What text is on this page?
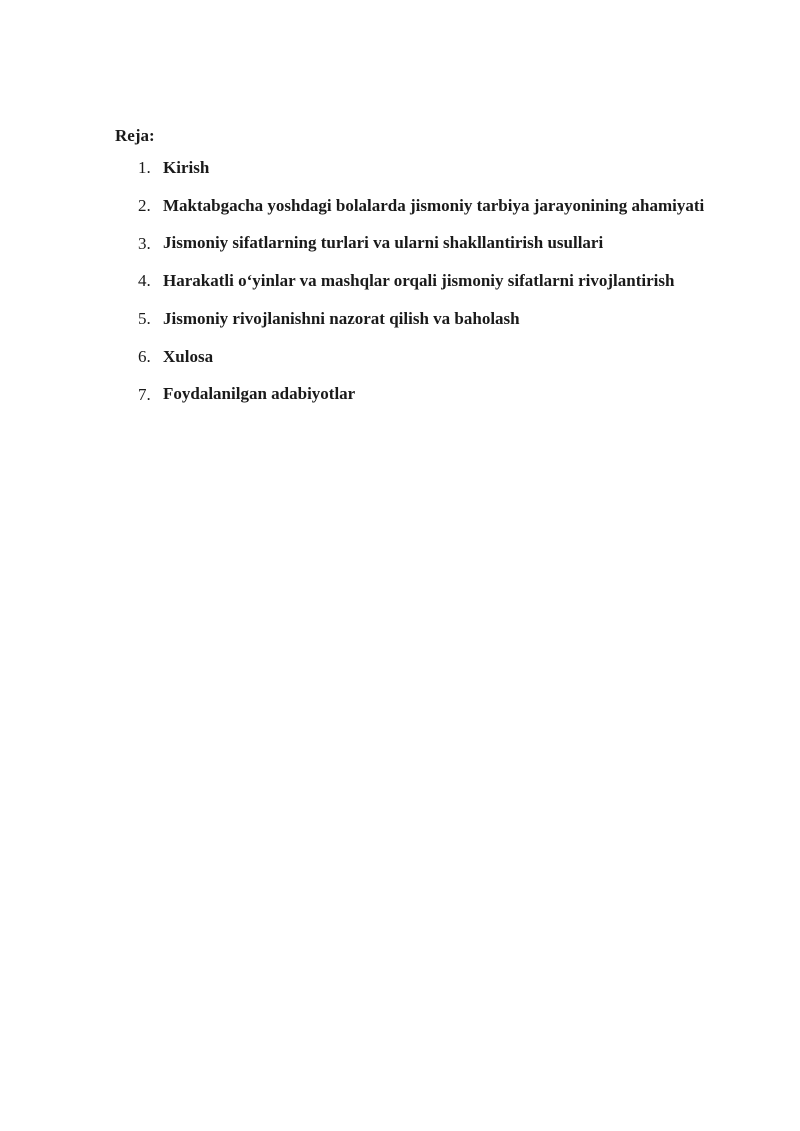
Reja:

1. Kirish
2. Maktabgacha yoshdagi bolalarda jismoniy tarbiya jarayonining ahamiyati
3. Jismoniy sifatlarning turlari va ularni shakllantirish usullari
4. Harakatli o‘yinlar va mashqlar orqali jismoniy sifatlarni rivojlantirish
5. Jismoniy rivojlanishni nazorat qilish va baholash
6. Xulosa
7. Foydalanilgan adabiyotlar
